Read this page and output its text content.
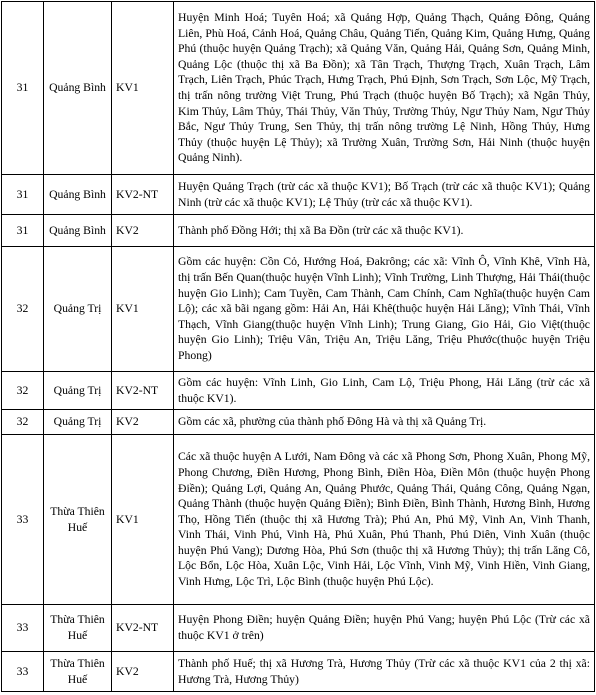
31	Quảng Bình	KV1	Huyện Minh Hoá; Tuyên Hoá; xã Quảng Hợp, Quảng Thạch, Quảng Đông, Quảng Liên, Phù Hoá, Cảnh Hoá, Quảng Châu, Quảng Tiến, Quảng Kim, Quảng Hưng, Quảng Phú (thuộc huyện Quảng Trạch); xã Quảng Văn, Quảng Hải, Quảng Sơn, Quảng Minh, Quảng Lộc (thuộc thị xã Ba Đồn); xã Tân Trạch, Thượng Trạch, Xuân Trạch, Lâm Trạch, Liên Trạch, Phúc Trạch, Hưng Trạch, Phú Định, Sơn Trạch, Sơn Lộc, Mỹ Trạch, thị trấn nông trường Việt Trung, Phú Trạch (thuộc huyện Bố Trạch); xã Ngân Thủy, Kim Thủy, Lâm Thủy, Thái Thủy, Văn Thủy, Trường Thủy, Ngư Thủy Nam, Ngư Thủy Bắc, Ngư Thủy Trung, Sen Thủy, thị trấn nông trường Lệ Ninh, Hồng Thủy, Hưng Thủy (thuộc huyện Lệ Thủy); xã Trường Xuân, Trường Sơn, Hải Ninh (thuộc huyện Quảng Ninh).
31	Quảng Bình	KV2-NT	Huyện Quảng Trạch (trừ các xã thuộc KV1); Bố Trạch (trừ các xã thuộc KV1); Quảng Ninh (trừ các xã thuộc KV1); Lệ Thủy (trừ các xã thuộc KV1).
31	Quảng Bình	KV2	Thành phố Đồng Hới; thị xã Ba Đồn (trừ các xã thuộc KV1).
32	Quảng Trị	KV1	Gồm các huyện: Cồn Cỏ, Hướng Hoá, Đakrông; các xã: Vĩnh Ô, Vĩnh Khê, Vĩnh Hà, thị trấn Bến Quan(thuộc huyện Vĩnh Linh); Vĩnh Trường, Linh Thượng, Hải Thái(thuộc huyện Gio Linh); Cam Tuyền, Cam Thành, Cam Chính, Cam Nghĩa(thuộc huyện Cam Lộ); các xã bãi ngang gồm: Hải An, Hải Khê(thuộc huyện Hải Lăng); Vĩnh Thái, Vĩnh Thạch, Vĩnh Giang(thuộc huyện Vĩnh Linh); Trung Giang, Gio Hải, Gio Việt(thuộc huyện Gio Linh); Triệu Vân, Triệu An, Triệu Lăng, Triệu Phước(thuộc huyện Triệu Phong)
32	Quảng Trị	KV2-NT	Gồm các huyện: Vĩnh Linh, Gio Linh, Cam Lộ, Triệu Phong, Hải Lăng (trừ các xã thuộc KV1).
32	Quảng Trị	KV2	Gồm các xã, phường của thành phố Đông Hà và thị xã Quảng Trị.
33	Thừa Thiên Huế	KV1	Các xã thuộc huyện A Lưới, Nam Đông và các xã Phong Sơn, Phong Xuân, Phong Mỹ, Phong Chương, Điền Hương, Phong Bình, Điền Hòa, Điền Môn (thuộc huyện Phong Điền); Quảng Lợi, Quảng An, Quảng Phước, Quảng Thái, Quảng Công, Quảng Ngạn, Quảng Thành (thuộc huyện Quảng Điền); Bình Điền, Bình Thành, Hương Bình, Hương Thọ, Hồng Tiến (thuộc thị xã Hương Trà); Phú An, Phú Mỹ, Vinh An, Vinh Thanh, Vinh Thái, Vinh Phú, Vinh Hà, Phú Xuân, Phú Thanh, Phú Diên, Vinh Xuân (thuộc huyện Phú Vang); Dương Hòa, Phú Sơn (thuộc thị xã Hương Thủy); thị trấn Lăng Cô, Lộc Bổn, Lộc Hòa, Xuân Lộc, Vinh Hải, Lộc Vĩnh, Vinh Mỹ, Vinh Hiền, Vinh Giang, Vinh Hưng, Lộc Trì, Lộc Bình (thuộc huyện Phú Lộc).
33	Thừa Thiên Huế	KV2-NT	Huyện Phong Điền; huyện Quảng Điền; huyện Phú Vang; huyện Phú Lộc (Trừ các xã thuộc KV1 ở trên)
33	Thừa Thiên Huế	KV2	Thành phố Huế; thị xã Hương Trà, Hương Thủy (Trừ các xã thuộc KV1 của 2 thị xã: Hương Trà, Hương Thủy)
